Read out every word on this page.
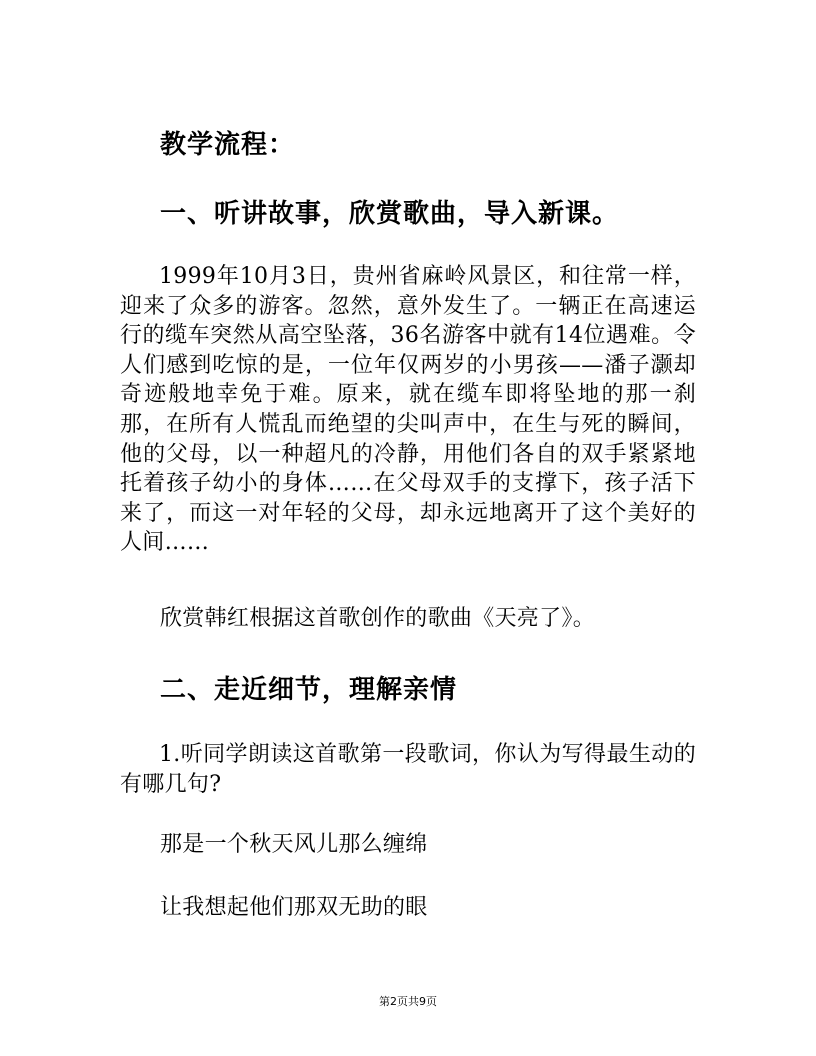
教学流程：
一、听讲故事，欣赏歌曲，导入新课。
1999年10月3日，贵州省麻岭风景区，和往常一样，迎来了众多的游客。忽然，意外发生了。一辆正在高速运行的缆车突然从高空坠落，36名游客中就有14位遇难。令人们感到吃惊的是，一位年仅两岁的小男孩——潘子灏却奇迹般地幸免于难。原来，就在缆车即将坠地的那一刹那，在所有人慌乱而绝望的尖叫声中，在生与死的瞬间，他的父母，以一种超凡的冷静，用他们各自的双手紧紧地托着孩子幼小的身体……在父母双手的支撑下，孩子活下来了，而这一对年轻的父母，却永远地离开了这个美好的人间……
欣赏韩红根据这首歌创作的歌曲《天亮了》。
二、走近细节，理解亲情
1.听同学朗读这首歌第一段歌词，你认为写得最生动的有哪几句?
那是一个秋天风儿那么缠绵
让我想起他们那双无助的眼
第2页共9页
